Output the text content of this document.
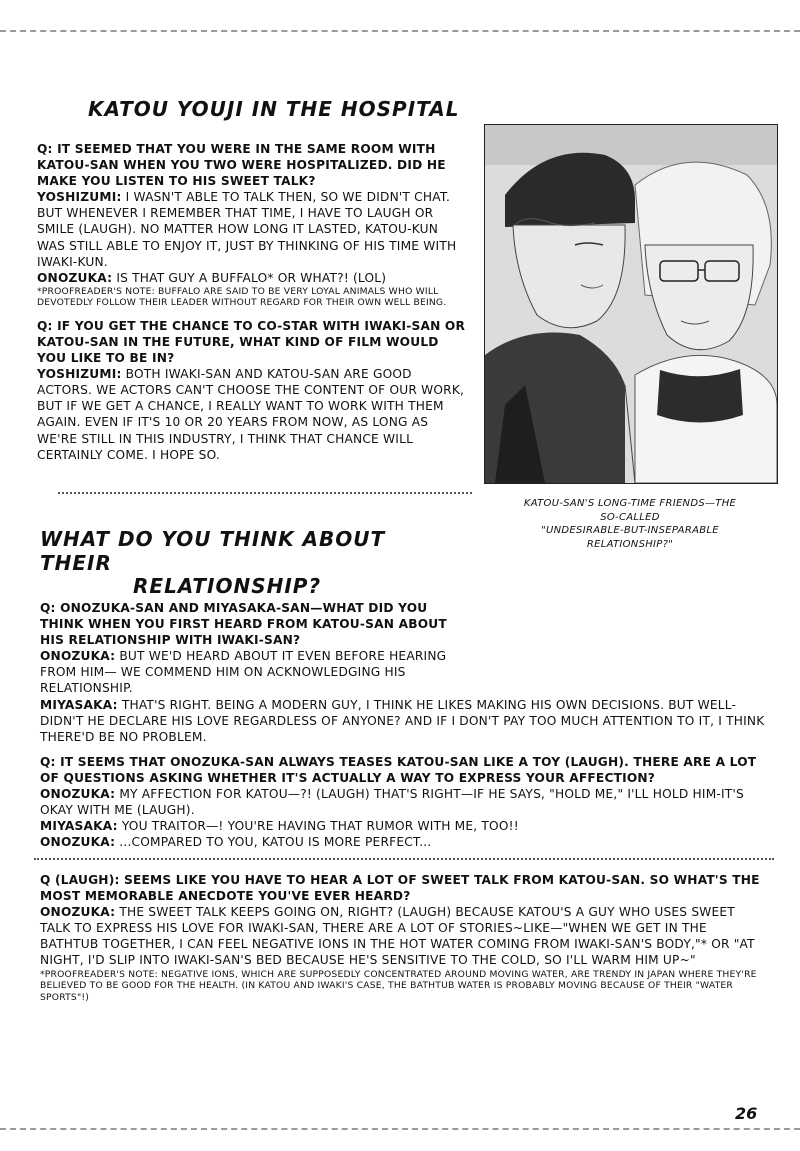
KATOU YOUJI IN THE HOSPITAL

Q: IT SEEMED THAT YOU WERE IN THE SAME ROOM WITH KATOU-SAN WHEN YOU TWO WERE HOSPITALIZED. DID HE MAKE YOU LISTEN TO HIS SWEET TALK?

YOSHIZUMI: I WASN'T ABLE TO TALK THEN, SO WE DIDN'T CHAT. BUT WHENEVER I REMEMBER THAT TIME, I HAVE TO LAUGH OR SMILE (LAUGH). NO MATTER HOW LONG IT LASTED, KATOU-KUN WAS STILL ABLE TO ENJOY IT, JUST BY THINKING OF HIS TIME WITH IWAKI-KUN.

ONOZUKA: IS THAT GUY A BUFFALO* OR WHAT?! (LOL)

*PROOFREADER'S NOTE: BUFFALO ARE SAID TO BE VERY LOYAL ANIMALS WHO WILL DEVOTEDLY FOLLOW THEIR LEADER WITHOUT REGARD FOR THEIR OWN WELL BEING.

Q: IF YOU GET THE CHANCE TO CO-STAR WITH IWAKI-SAN OR KATOU-SAN IN THE FUTURE, WHAT KIND OF FILM WOULD YOU LIKE TO BE IN?

YOSHIZUMI: BOTH IWAKI-SAN AND KATOU-SAN ARE GOOD ACTORS. WE ACTORS CAN'T CHOOSE THE CONTENT OF OUR WORK, BUT IF WE GET A CHANCE, I REALLY WANT TO WORK WITH THEM AGAIN. EVEN IF IT'S 10 OR 20 YEARS FROM NOW, AS LONG AS WE'RE STILL IN THIS INDUSTRY, I THINK THAT CHANCE WILL CERTAINLY COME. I HOPE SO.

KATOU-SAN'S LONG-TIME FRIENDS—THE
SO-CALLED
"UNDESIRABLE-BUT-INSEPARABLE
RELATIONSHIP?"
WHAT DO YOU THINK ABOUT THEIR
RELATIONSHIP?

Q: ONOZUKA-SAN AND MIYASAKA-SAN—WHAT DID YOU THINK WHEN YOU FIRST HEARD FROM KATOU-SAN ABOUT HIS RELATIONSHIP WITH IWAKI-SAN?

ONOZUKA: BUT WE'D HEARD ABOUT IT EVEN BEFORE HEARING FROM HIM— WE COMMEND HIM ON ACKNOWLEDGING HIS RELATIONSHIP.

MIYASAKA: THAT'S RIGHT. BEING A MODERN GUY, I THINK HE LIKES MAKING HIS OWN DECISIONS. BUT WELL-DIDN'T HE DECLARE HIS LOVE REGARDLESS OF ANYONE? AND IF I DON'T PAY TOO MUCH ATTENTION TO IT, I THINK THERE'D BE NO PROBLEM.

Q: IT SEEMS THAT ONOZUKA-SAN ALWAYS TEASES KATOU-SAN LIKE A TOY (LAUGH). THERE ARE A LOT OF QUESTIONS ASKING WHETHER IT'S ACTUALLY A WAY TO EXPRESS YOUR AFFECTION?

ONOZUKA: MY AFFECTION FOR KATOU—?! (LAUGH) THAT'S RIGHT—IF HE SAYS, "HOLD ME," I'LL HOLD HIM-IT'S OKAY WITH ME (LAUGH).

MIYASAKA: YOU TRAITOR—! YOU'RE HAVING THAT RUMOR WITH ME, TOO!!

ONOZUKA: ...COMPARED TO YOU, KATOU IS MORE PERFECT...

Q (LAUGH): SEEMS LIKE YOU HAVE TO HEAR A LOT OF SWEET TALK FROM KATOU-SAN. SO WHAT'S THE MOST MEMORABLE ANECDOTE YOU'VE EVER HEARD?

ONOZUKA: THE SWEET TALK KEEPS GOING ON, RIGHT? (LAUGH) BECAUSE KATOU'S A GUY WHO USES SWEET TALK TO EXPRESS HIS LOVE FOR IWAKI-SAN, THERE ARE A LOT OF STORIES~LIKE—"WHEN WE GET IN THE BATHTUB TOGETHER, I CAN FEEL NEGATIVE IONS IN THE HOT WATER COMING FROM IWAKI-SAN'S BODY,"* OR "AT NIGHT, I'D SLIP INTO IWAKI-SAN'S BED BECAUSE HE'S SENSITIVE TO THE COLD, SO I'LL WARM HIM UP~"

*PROOFREADER'S NOTE: NEGATIVE IONS, WHICH ARE SUPPOSEDLY CONCENTRATED AROUND MOVING WATER, ARE TRENDY IN JAPAN WHERE THEY'RE BELIEVED TO BE GOOD FOR THE HEALTH. (IN KATOU AND IWAKI'S CASE, THE BATHTUB WATER IS PROBABLY MOVING BECAUSE OF THEIR "WATER SPORTS"!)

26
